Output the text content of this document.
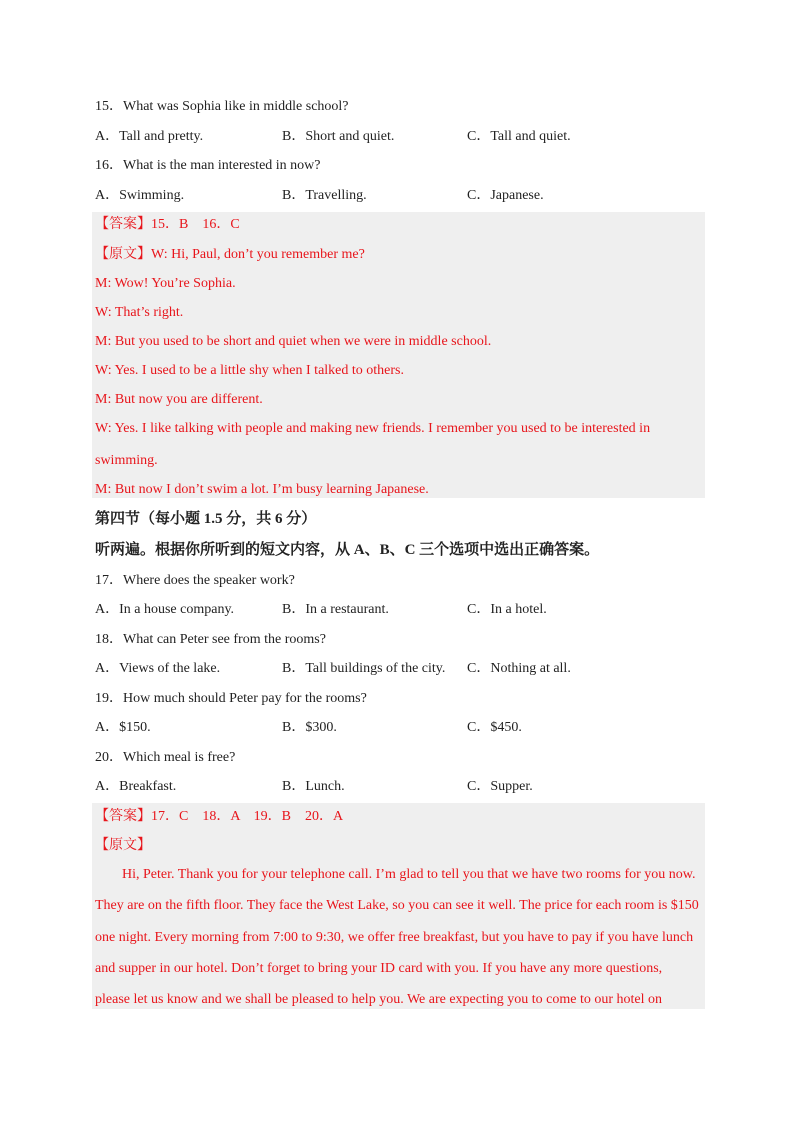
15．What was Sophia like in middle school?
A．Tall and pretty.	B．Short and quiet.	C．Tall and quiet.
16．What is the man interested in now?
A．Swimming.	B．Travelling.	C．Japanese.
【答案】15．B　16．C
【原文】W: Hi, Paul, don’t you remember me?
M: Wow! You’re Sophia.
W: That’s right.
M: But you used to be short and quiet when we were in middle school.
W: Yes. I used to be a little shy when I talked to others.
M: But now you are different.
W: Yes. I like talking with people and making new friends. I remember you used to be interested in
swimming.
M: But now I don’t swim a lot. I’m busy learning Japanese.
第四节（每小题 1.5 分，共 6 分）
听两遍。根据你所听到的短文内容，从 A、B、C 三个选项中选出正确答案。
17．Where does the speaker work?
A．In a house company.	B．In a restaurant.	C．In a hotel.
18．What can Peter see from the rooms?
A．Views of the lake.	B．Tall buildings of the city. C．Nothing at all.
19．How much should Peter pay for the rooms?
A．$150.	B．$300.	C．$450.
20．Which meal is free?
A．Breakfast.	B．Lunch.	C．Supper.
【答案】17．C　18．A　19．B　20．A
【原文】
Hi, Peter. Thank you for your telephone call. I’m glad to tell you that we have two rooms for you now.
They are on the fifth floor. They face the West Lake, so you can see it well. The price for each room is $150
one night. Every morning from 7:00 to 9:30, we offer free breakfast, but you have to pay if you have lunch
and supper in our hotel. Don’t forget to bring your ID card with you. If you have any more questions,
please let us know and we shall be pleased to help you. We are expecting you to come to our hotel on
